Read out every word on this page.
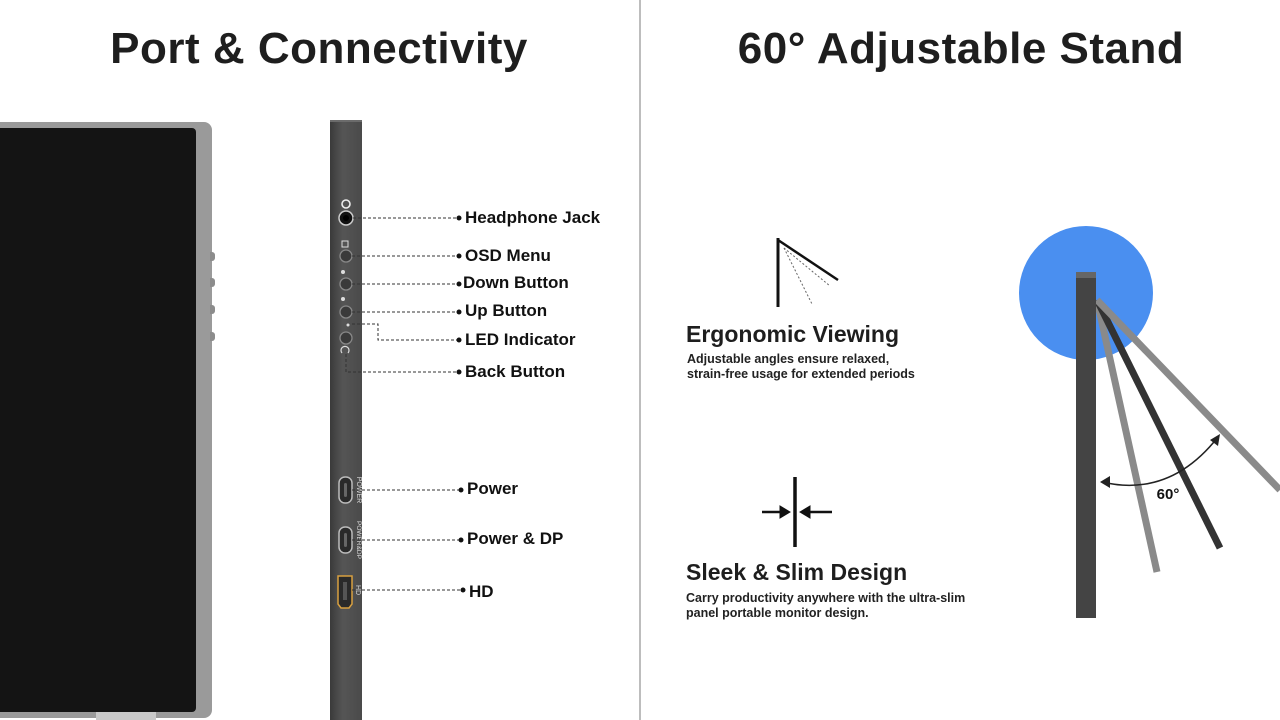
Port & Connectivity	60° Adjustable Stand
POWER
POWER&DP
HD
60°
Headphone Jack
OSD Menu
Down Button
Up Button
LED Indicator
Back Button
Power
Power & DP
HD
Ergonomic Viewing
Adjustable angles ensure relaxed,
strain-free usage for extended periods
Sleek & Slim Design
Carry productivity anywhere with the ultra-slim
panel portable monitor design.
